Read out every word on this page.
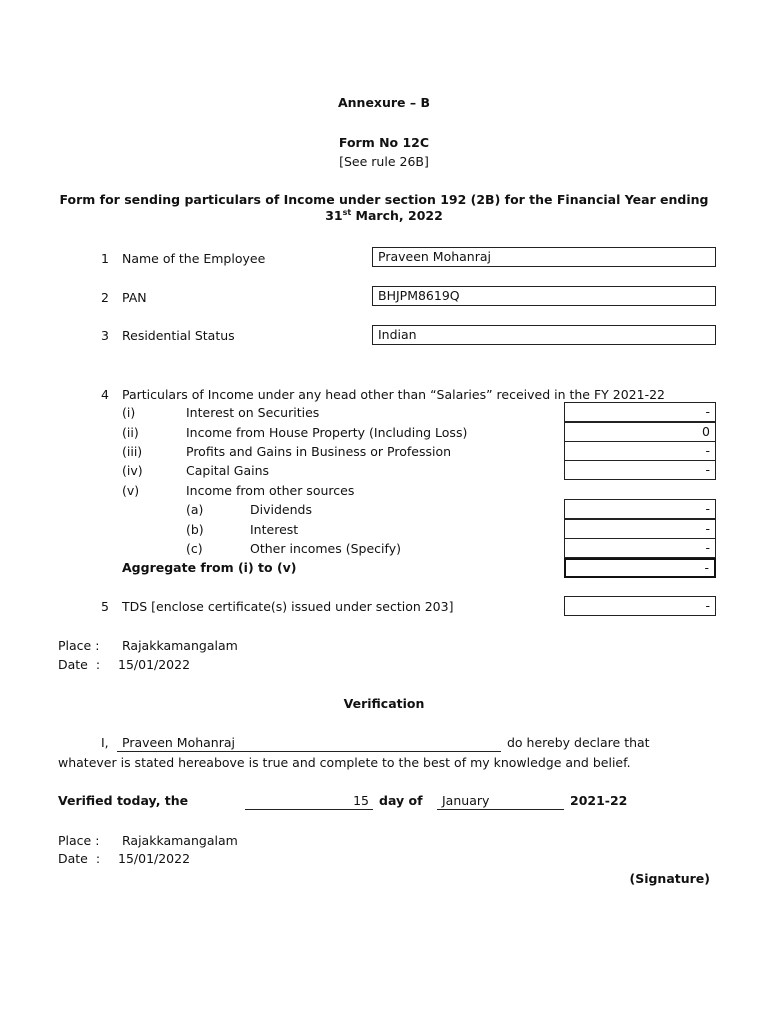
Annexure – B
Form No 12C
[See rule 26B]
Form for sending particulars of Income under section 192 (2B) for the Financial Year ending
31st March, 2022
1 Name of the Employee	Praveen Mohanraj
2 PAN	BHJPM8619Q
3 Residential Status	Indian
4 Particulars of Income under any head other than “Salaries” received in the FY 2021-22
(i)	Interest on Securities	-
(ii)	Income from House Property (Including Loss)	0
(iii)	Profits and Gains in Business or Profession	-
(iv)	Capital Gains	-
(v)	Income from other sources
(a)	Dividends	-
(b)	Interest	-
(c)	Other incomes (Specify)	-
Aggregate from (i) to (v)	-
5 TDS [enclose certificate(s) issued under section 203]	-
Place : Rajakkamangalam
Date  : 15/01/2022
Verification
I,	Praveen Mohanraj	do hereby declare that
whatever is stated hereabove is true and complete to the best of my knowledge and belief.
Verified today, the	15 day of	January	2021-22
Place : Rajakkamangalam
Date  : 15/01/2022
(Signature)
